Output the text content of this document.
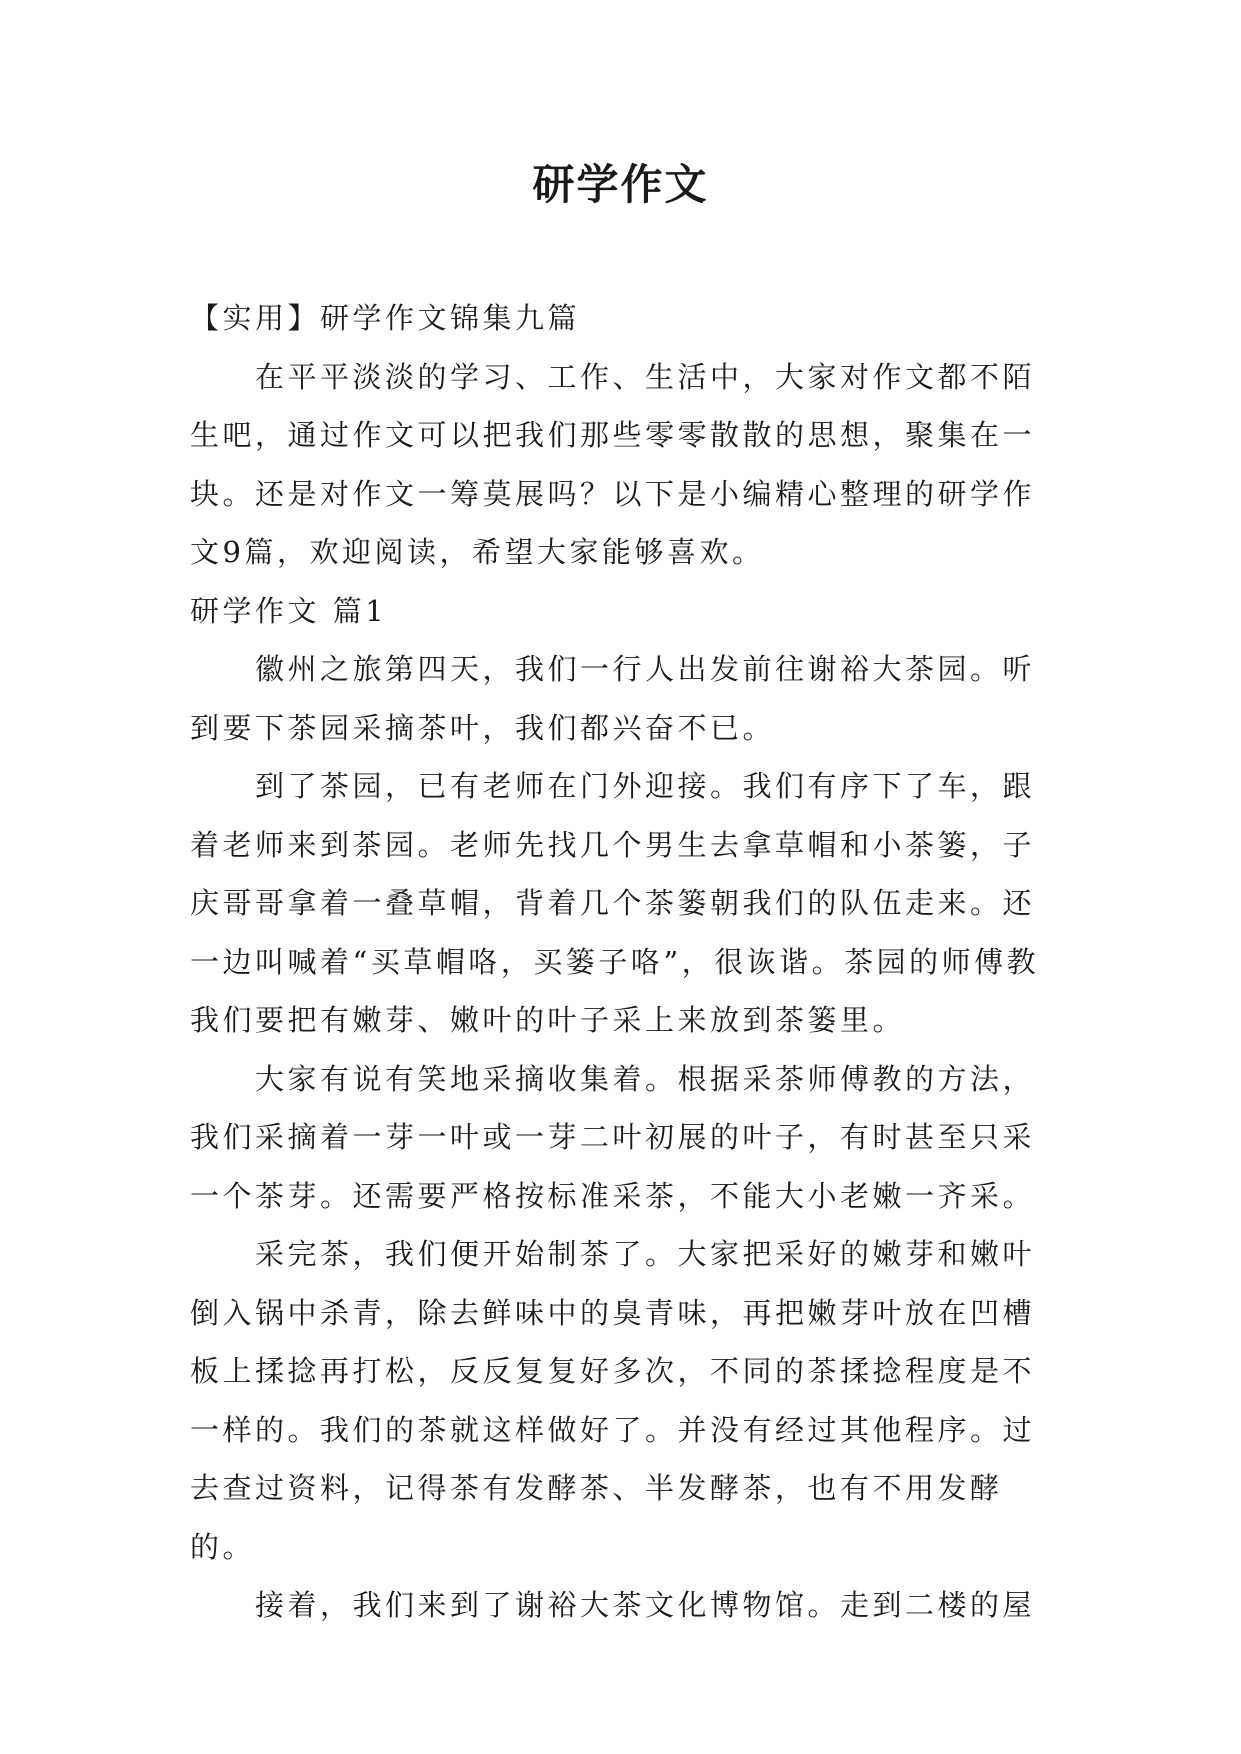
研学作文

【实用】研学作文锦集九篇

在平平淡淡的学习、工作、生活中，大家对作文都不陌生吧，通过作文可以把我们那些零零散散的思想，聚集在一块。还是对作文一筹莫展吗？以下是小编精心整理的研学作文9篇，欢迎阅读，希望大家能够喜欢。

研学作文 篇1

徽州之旅第四天，我们一行人出发前往谢裕大茶园。听到要下茶园采摘茶叶，我们都兴奋不已。

到了茶园，已有老师在门外迎接。我们有序下了车，跟着老师来到茶园。老师先找几个男生去拿草帽和小茶篓，子庆哥哥拿着一叠草帽，背着几个茶篓朝我们的队伍走来。还一边叫喊着“买草帽咯，买篓子咯”，很诙谐。茶园的师傅教我们要把有嫩芽、嫩叶的叶子采上来放到茶篓里。

大家有说有笑地采摘收集着。根据采茶师傅教的方法，我们采摘着一芽一叶或一芽二叶初展的叶子，有时甚至只采一个茶芽。还需要严格按标准采茶，不能大小老嫩一齐采。

采完茶，我们便开始制茶了。大家把采好的嫩芽和嫩叶倒入锅中杀青，除去鲜味中的臭青味，再把嫩芽叶放在凹槽板上揉捻再打松，反反复复好多次，不同的茶揉捻程度是不一样的。我们的茶就这样做好了。并没有经过其他程序。过去查过资料，记得茶有发酵茶、半发酵茶，也有不用发酵的。

接着，我们来到了谢裕大茶文化博物馆。走到二楼的屋
